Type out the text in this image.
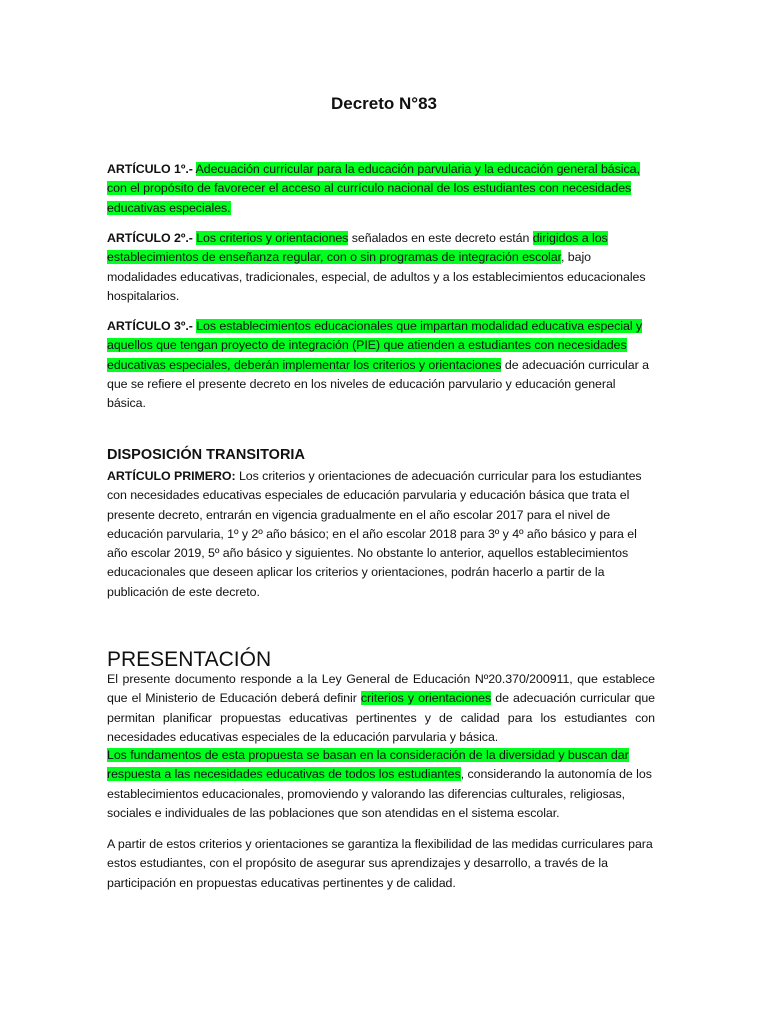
Decreto N°83

ARTÍCULO 1º.- Adecuación curricular para la educación parvularia y la educación general básica, con el propósito de favorecer el acceso al currículo nacional de los estudiantes con necesidades educativas especiales.

ARTÍCULO 2º.- Los criterios y orientaciones señalados en este decreto están dirigidos a los establecimientos de enseñanza regular, con o sin programas de integración escolar, bajo modalidades educativas, tradicionales, especial, de adultos y a los establecimientos educacionales hospitalarios.

ARTÍCULO 3º.- Los establecimientos educacionales que impartan modalidad educativa especial y aquellos que tengan proyecto de integración (PIE) que atienden a estudiantes con necesidades educativas especiales, deberán implementar los criterios y orientaciones de adecuación curricular a que se refiere el presente decreto en los niveles de educación parvulario y educación general básica.

DISPOSICIÓN TRANSITORIA

ARTÍCULO PRIMERO: Los criterios y orientaciones de adecuación curricular para los estudiantes con necesidades educativas especiales de educación parvularia y educación básica que trata el presente decreto, entrarán en vigencia gradualmente en el año escolar 2017 para el nivel de educación parvularia, 1º y 2º año básico; en el año escolar 2018 para 3º y 4º año básico y para el año escolar 2019, 5º año básico y siguientes. No obstante lo anterior, aquellos establecimientos educacionales que deseen aplicar los criterios y orientaciones, podrán hacerlo a partir de la publicación de este decreto.

PRESENTACIÓN

El presente documento responde a la Ley General de Educación Nº20.370/200911, que establece que el Ministerio de Educación deberá definir criterios y orientaciones de adecuación curricular que permitan planificar propuestas educativas pertinentes y de calidad para los estudiantes con necesidades educativas especiales de la educación parvularia y básica.

Los fundamentos de esta propuesta se basan en la consideración de la diversidad y buscan dar respuesta a las necesidades educativas de todos los estudiantes, considerando la autonomía de los establecimientos educacionales, promoviendo y valorando las diferencias culturales, religiosas, sociales e individuales de las poblaciones que son atendidas en el sistema escolar.

A partir de estos criterios y orientaciones se garantiza la flexibilidad de las medidas curriculares para estos estudiantes, con el propósito de asegurar sus aprendizajes y desarrollo, a través de la participación en propuestas educativas pertinentes y de calidad.
